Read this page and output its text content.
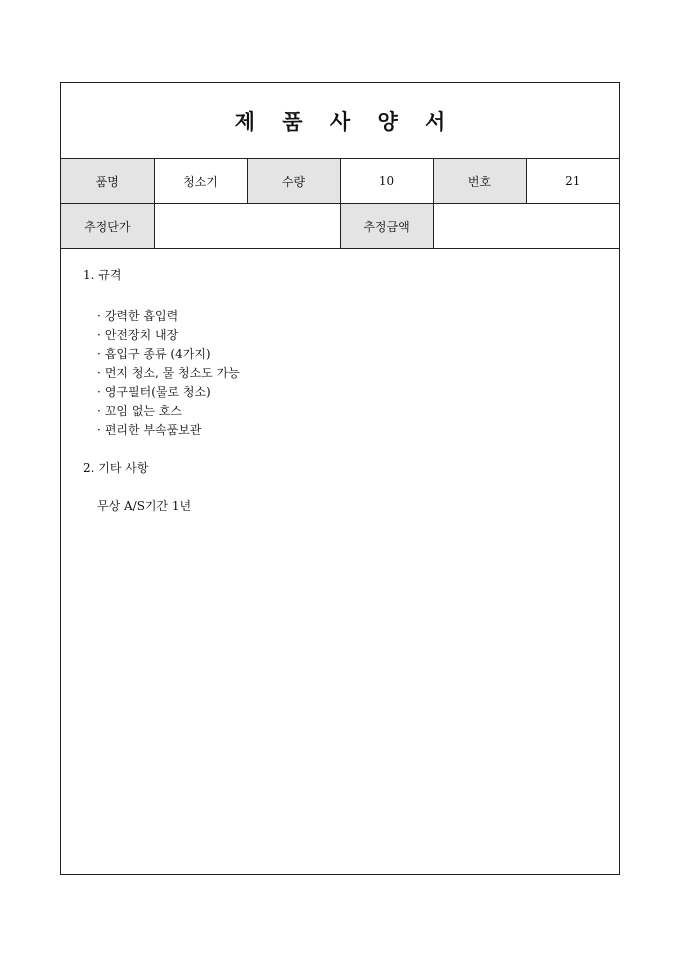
제 품 사 양 서
품명	청소기	수량	10	번호	21
추정단가			추정금액		

1. 규격

· 강력한 흡입력
· 안전장치 내장
· 흡입구 종류 (4가지)
· 먼지 청소, 물 청소도 가능
· 영구필터(물로 청소)
· 꼬임 없는 호스
· 편리한 부속품보관

2. 기타 사항

무상 A/S기간 1년
